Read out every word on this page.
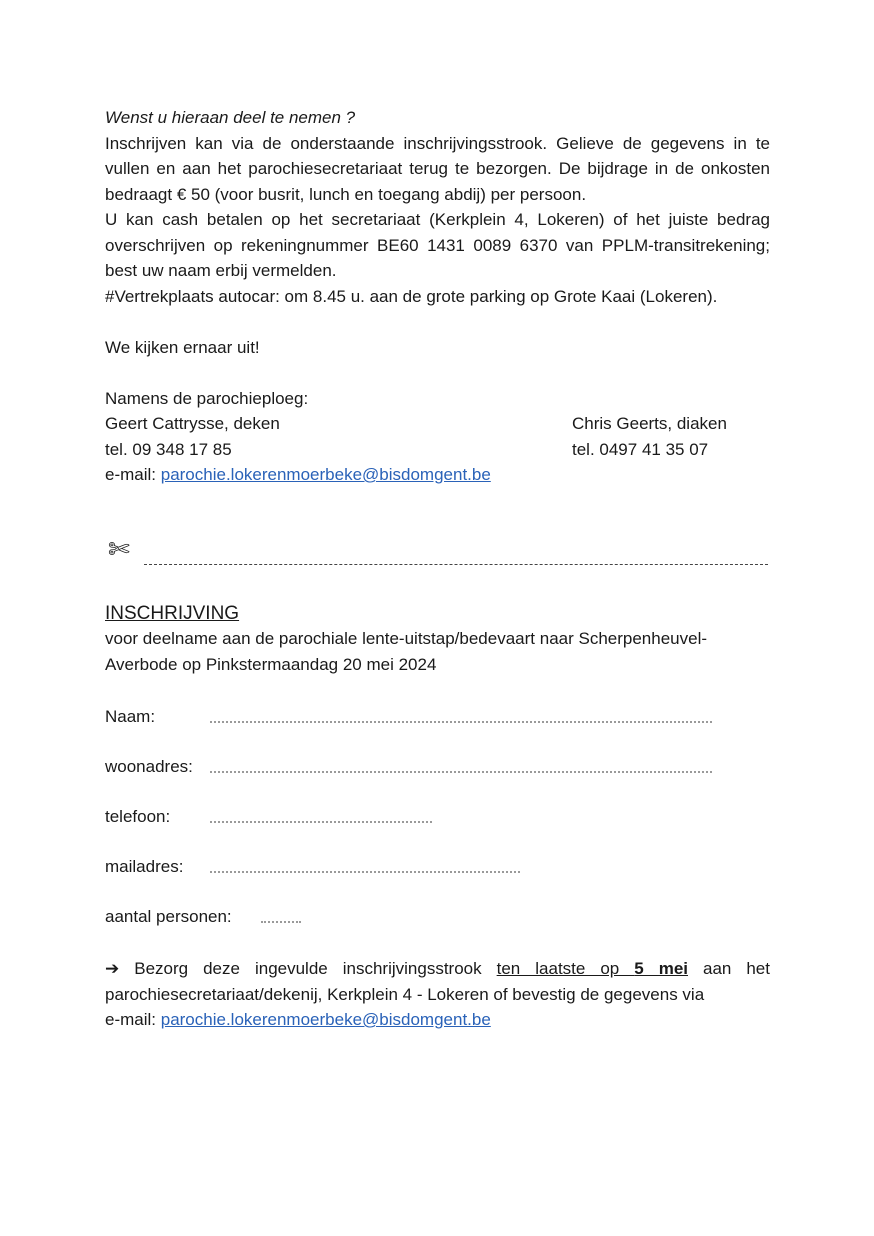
Wenst u hieraan deel te nemen ?

Inschrijven kan via de onderstaande inschrijvingsstrook. Gelieve de gegevens in te vullen en aan het parochiesecretariaat terug te bezorgen. De bijdrage in de onkosten bedraagt € 50 (voor busrit, lunch en toegang abdij) per persoon.

U kan cash betalen op het secretariaat (Kerkplein 4, Lokeren) of het juiste bedrag overschrijven op rekeningnummer BE60 1431 0089 6370 van PPLM-transitrekening; best uw naam erbij vermelden.

#Vertrekplaats autocar: om 8.45 u. aan de grote parking op Grote Kaai (Lokeren).

We kijken ernaar uit!

Namens de parochieploeg:

Geert Cattrysse, deken	Chris Geerts, diaken

tel. 09 348 17 85	tel. 0497 41 35 07

e-mail: parochie.lokerenmoerbeke@bisdomgent.be

✄

INSCHRIJVING

voor deelname aan de parochiale lente-uitstap/bedevaart naar Scherpenheuvel-

Averbode op Pinkstermaandag 20 mei 2024

Naam:
woonadres:
telefoon:
mailadres:
aantal personen:

➔ Bezorg deze ingevulde inschrijvingsstrook ten laatste op 5 mei aan het parochiesecretariaat/dekenij, Kerkplein 4 - Lokeren of bevestig de gegevens via

e-mail: parochie.lokerenmoerbeke@bisdomgent.be
